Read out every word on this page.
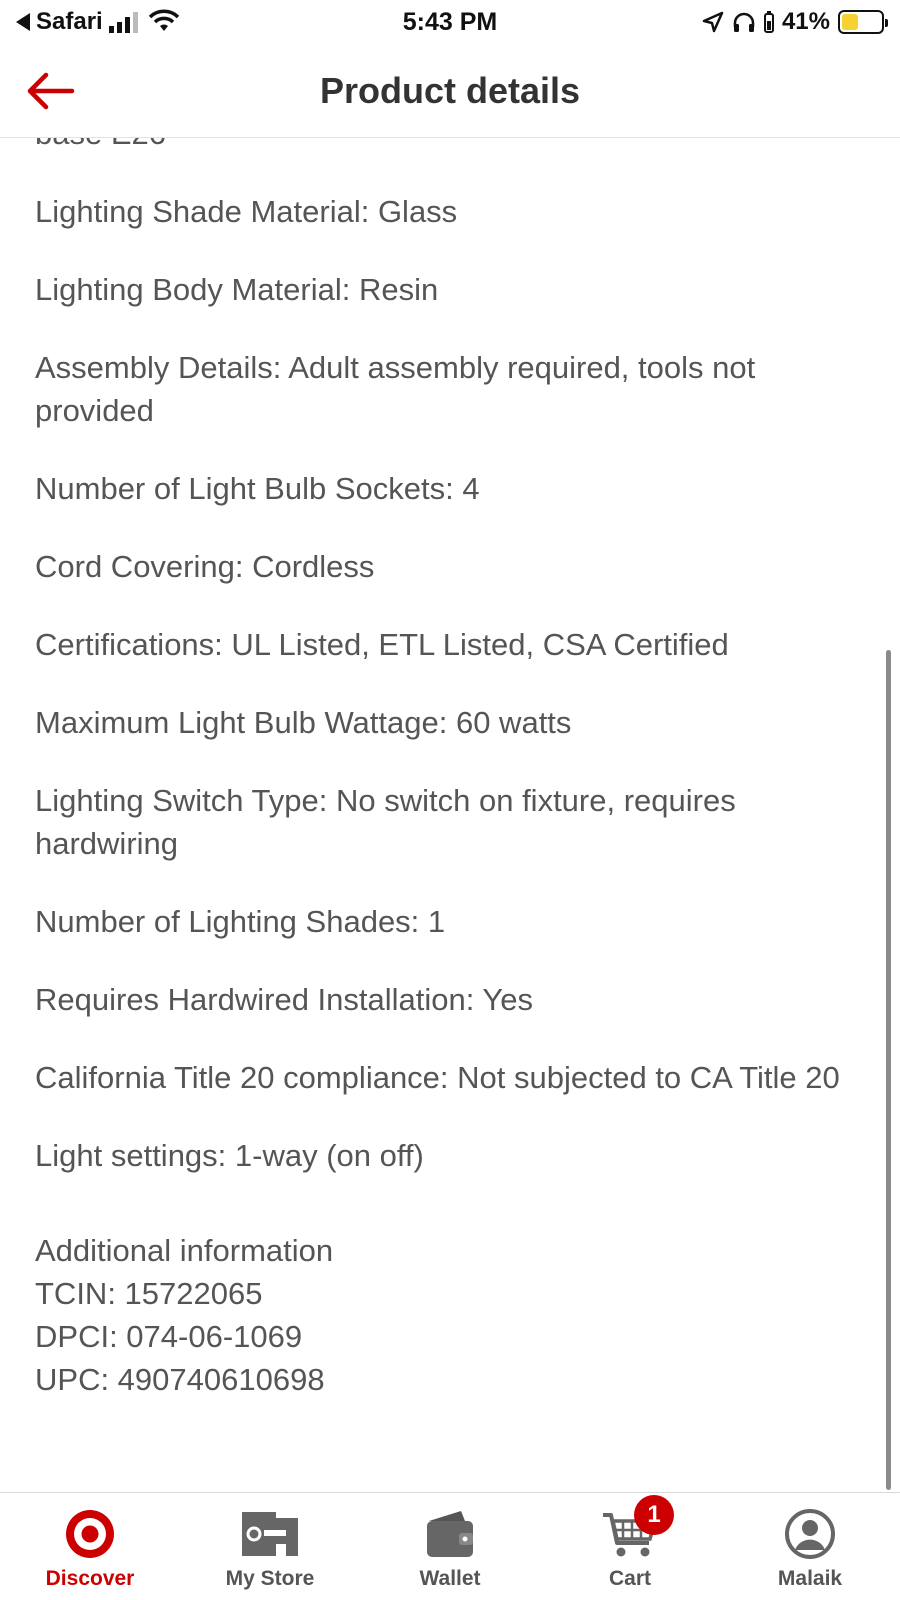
Safari	5:43 PM	41%
Product details
Lighting Shade Material: Glass
Lighting Body Material: Resin
Assembly Details: Adult assembly required, tools not provided
Number of Light Bulb Sockets: 4
Cord Covering: Cordless
Certifications: UL Listed, ETL Listed, CSA Certified
Maximum Light Bulb Wattage: 60 watts
Lighting Switch Type: No switch on fixture, requires hardwiring
Number of Lighting Shades: 1
Requires Hardwired Installation: Yes
California Title 20 compliance: Not subjected to CA Title 20
Light settings: 1-way (on off)
Additional information
TCIN: 15722065
DPCI: 074-06-1069
UPC: 490740610698
Discover	My Store	Wallet
1
Cart	Malaik
